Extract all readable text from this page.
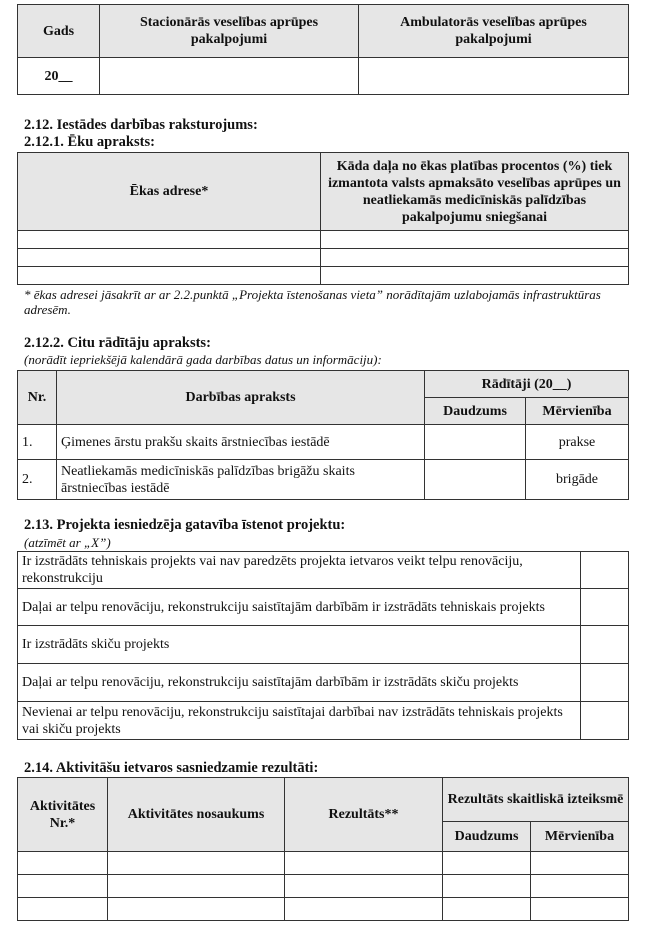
Gads	Stacionārās veselības aprūpes pakalpojumi	Ambulatorās veselības aprūpes pakalpojumi
20__		
2.12. Iestādes darbības raksturojums:
2.12.1. Ēku apraksts:
Ēkas adrese*	Kāda daļa no ēkas platības procentos (%) tiek izmantota valsts apmaksāto veselības aprūpes un neatliekamās medicīniskās palīdzības pakalpojumu sniegšanai

* ēkas adresei jāsakrīt ar ar 2.2.punktā „Projekta īstenošanas vieta” norādītajām uzlabojamās infrastruktūras adresēm.
2.12.2. Citu rādītāju apraksts:
(norādīt iepriekšējā kalendārā gada darbības datus un informāciju):
Nr.	Darbības apraksts	Rādītāji (20__)	
		Daudzums	Mērvienība
1.	Ģimenes ārstu prakšu skaits ārstniecības iestādē		prakse
2.	Neatliekamās medicīniskās palīdzības brigāžu skaits ārstniecības iestādē		brigāde
2.13. Projekta iesniedzēja gatavība īstenot projektu:
(atzīmēt ar „X”)
Ir izstrādāts tehniskais projekts vai nav paredzēts projekta ietvaros veikt telpu renovāciju, rekonstrukciju	
Daļai ar telpu renovāciju, rekonstrukciju saistītajām darbībām ir izstrādāts tehniskais projekts	
Ir izstrādāts skiču projekts	
Daļai ar telpu renovāciju, rekonstrukciju saistītajām darbībām ir izstrādāts skiču projekts	
Nevienai ar telpu renovāciju, rekonstrukciju saistītajai darbībai nav izstrādāts tehniskais projekts vai skiču projekts	
2.14. Aktivitāšu ietvaros sasniedzamie rezultāti:
Aktivitātes Nr.*	Aktivitātes nosaukums	Rezultāts**	Rezultāts skaitliskā izteiksmē	
			Daudzums	Mērvienība
